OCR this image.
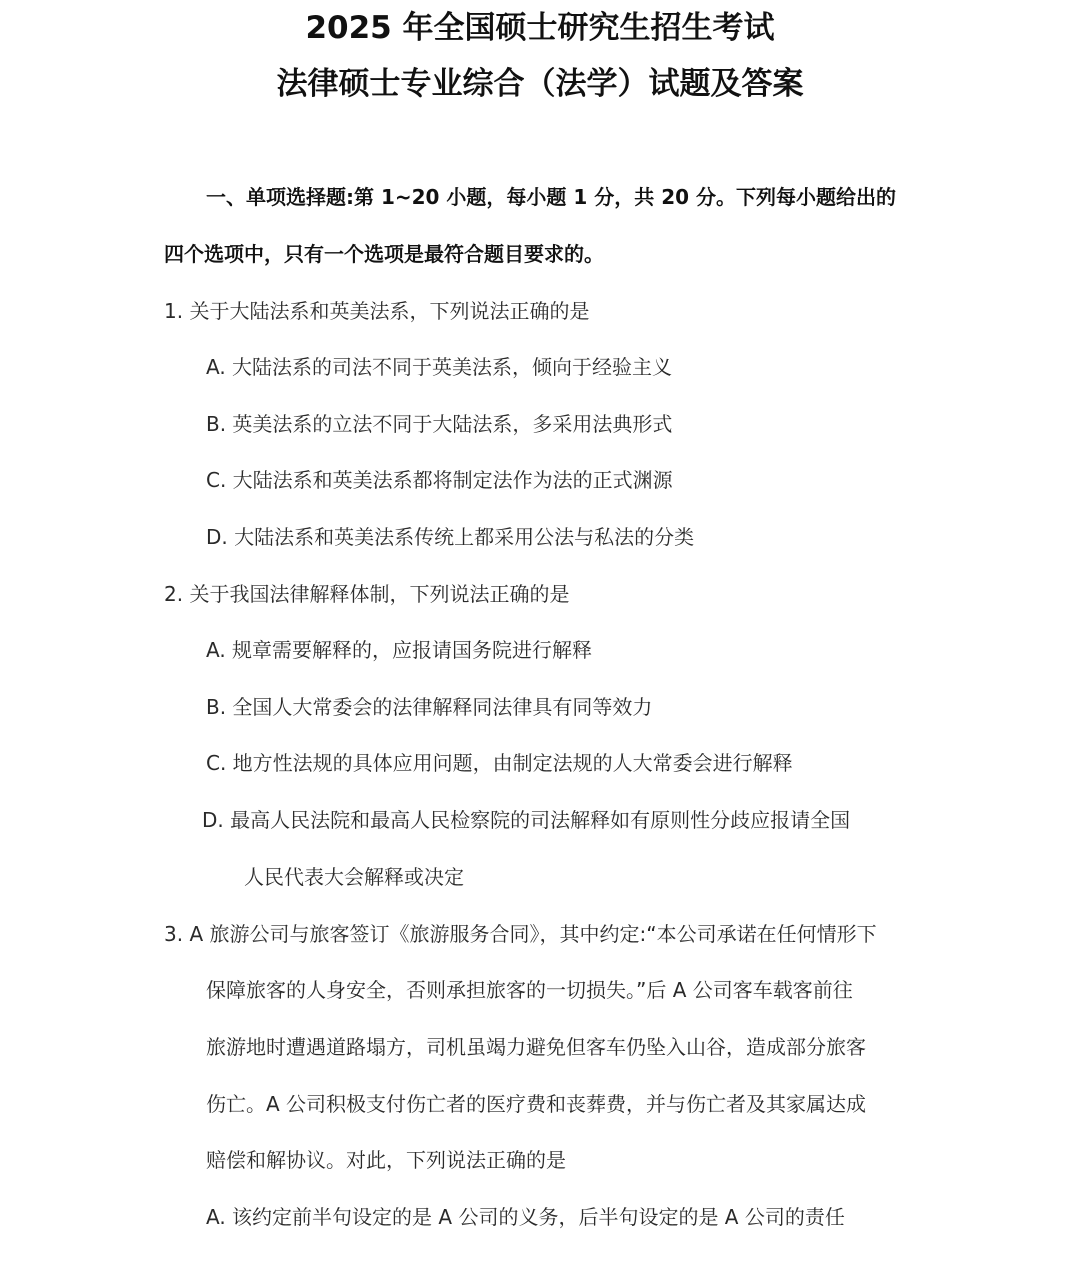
2025 年全国硕士研究生招生考试
法律硕士专业综合（法学）试题及答案
一、单项选择题:第 1~20 小题，每小题 1 分，共 20 分。下列每小题给出的
四个选项中，只有一个选项是最符合题目要求的。
1. 关于大陆法系和英美法系，下列说法正确的是
A. 大陆法系的司法不同于英美法系，倾向于经验主义
B. 英美法系的立法不同于大陆法系，多采用法典形式
C. 大陆法系和英美法系都将制定法作为法的正式渊源
D. 大陆法系和英美法系传统上都采用公法与私法的分类
2. 关于我国法律解释体制，下列说法正确的是
A. 规章需要解释的，应报请国务院进行解释
B. 全国人大常委会的法律解释同法律具有同等效力
C. 地方性法规的具体应用问题，由制定法规的人大常委会进行解释
D. 最高人民法院和最高人民检察院的司法解释如有原则性分歧应报请全国
人民代表大会解释或决定
3. A 旅游公司与旅客签订《旅游服务合同》，其中约定:“本公司承诺在任何情形下
保障旅客的人身安全，否则承担旅客的一切损失。”后 A 公司客车载客前往
旅游地时遭遇道路塌方，司机虽竭力避免但客车仍坠入山谷，造成部分旅客
伤亡。A 公司积极支付伤亡者的医疗费和丧葬费，并与伤亡者及其家属达成
赔偿和解协议。对此，下列说法正确的是
A. 该约定前半句设定的是 A 公司的义务，后半句设定的是 A 公司的责任
